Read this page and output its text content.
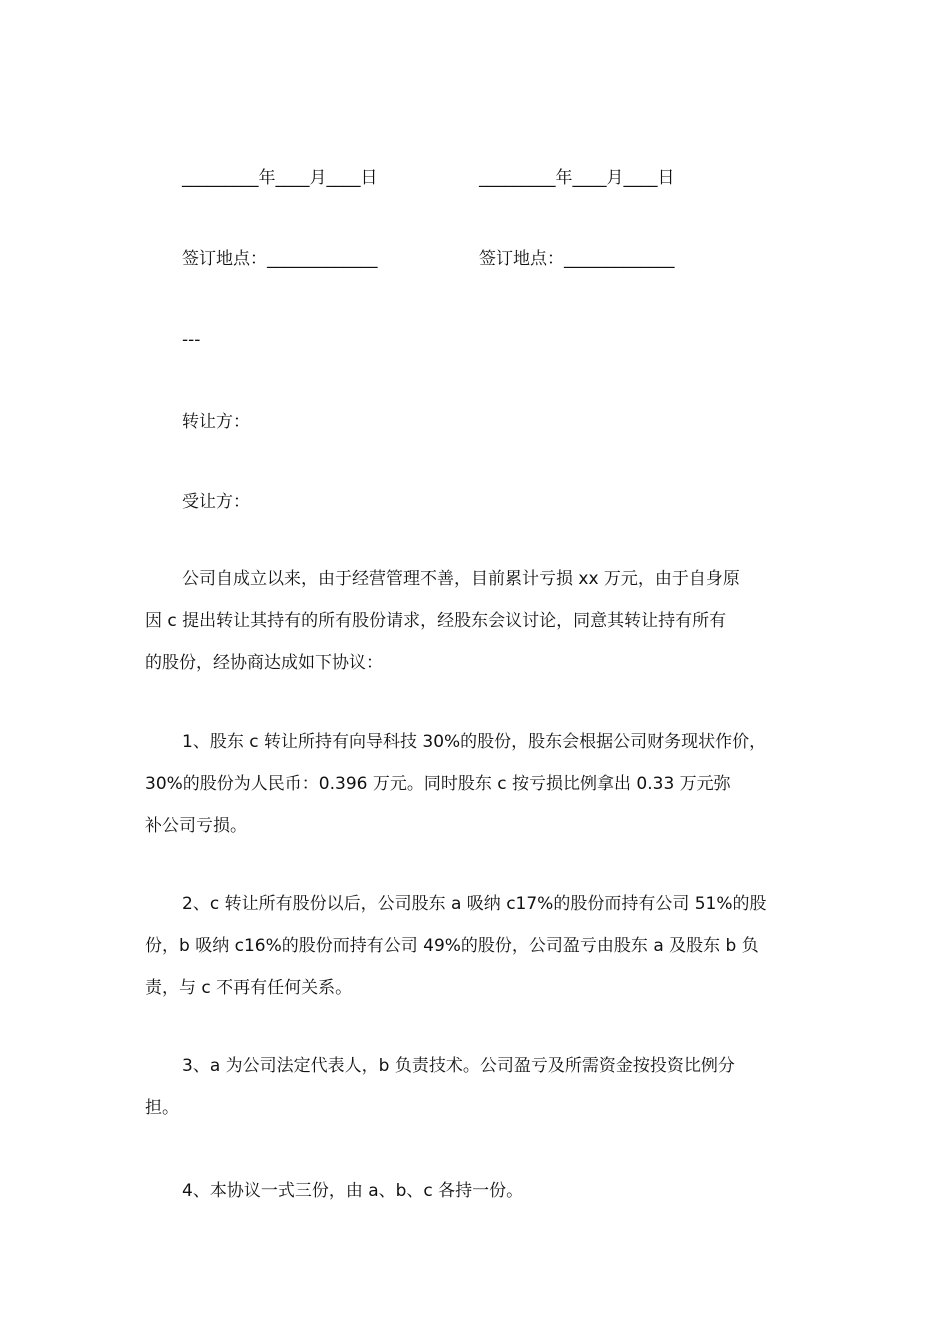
_________年____月____日	_________年____月____日
签订地点：_____________	签订地点：_____________
---
转让方：
受让方：
公司自成立以来，由于经营管理不善，目前累计亏损 xx 万元，由于自身原
因 c 提出转让其持有的所有股份请求，经股东会议讨论，同意其转让持有所有
的股份，经协商达成如下协议：
1、股东 c 转让所持有向导科技 30%的股份，股东会根据公司财务现状作价，
30%的股份为人民币：0.396 万元。同时股东 c 按亏损比例拿出 0.33 万元弥
补公司亏损。
2、c 转让所有股份以后，公司股东 a 吸纳 c17%的股份而持有公司 51%的股
份，b 吸纳 c16%的股份而持有公司 49%的股份，公司盈亏由股东 a 及股东 b 负
责，与 c 不再有任何关系。
3、a 为公司法定代表人，b 负责技术。公司盈亏及所需资金按投资比例分
担。
4、本协议一式三份，由 a、b、c 各持一份。
